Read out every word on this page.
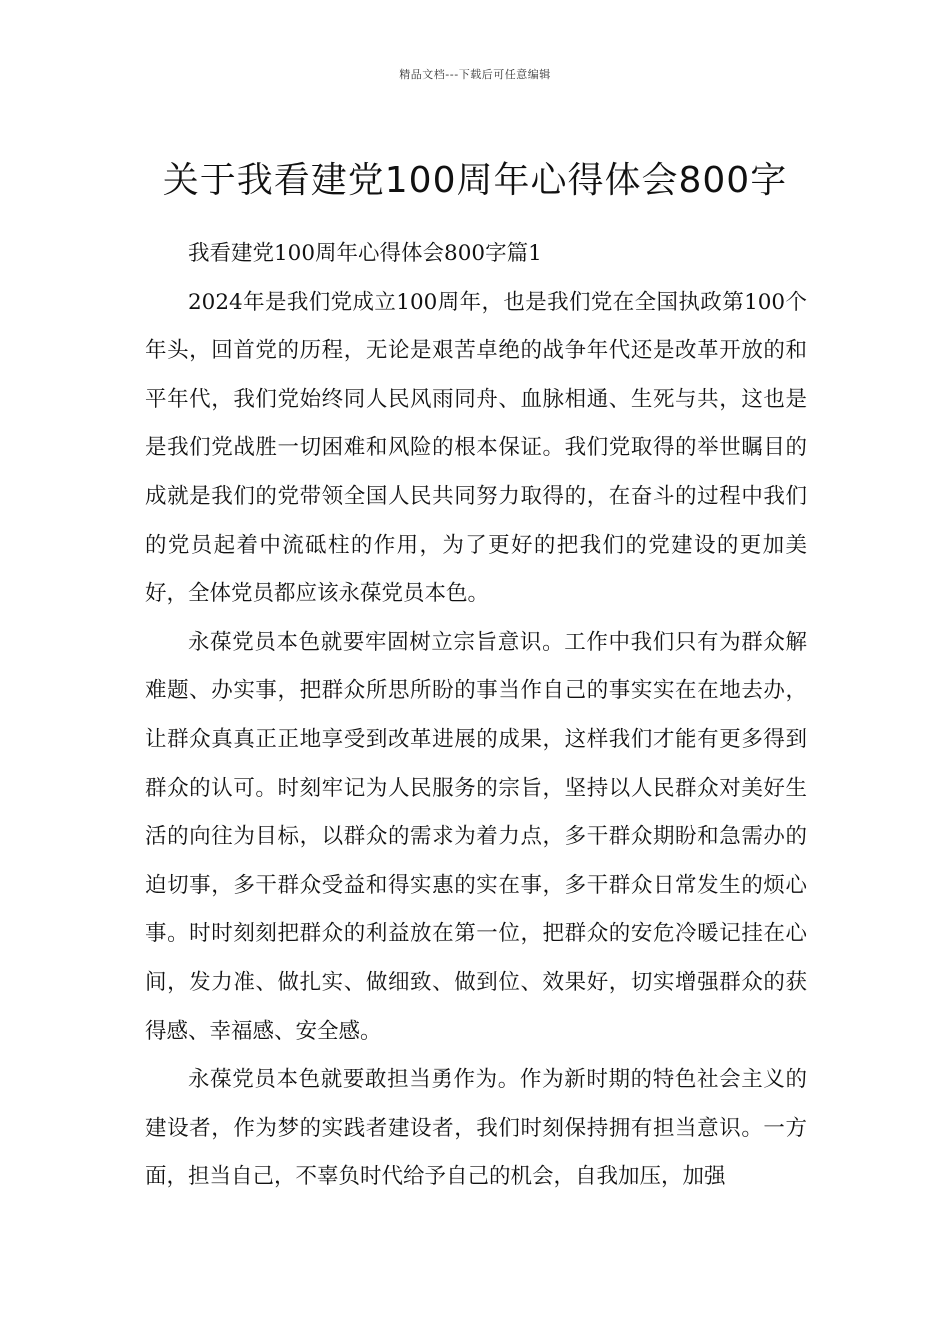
精品文档---下载后可任意编辑
关于我看建党100周年心得体会800字

我看建党100周年心得体会800字篇1

2024年是我们党成立100周年，也是我们党在全国执政第100个年头，回首党的历程，无论是艰苦卓绝的战争年代还是改革开放的和平年代，我们党始终同人民风雨同舟、血脉相通、生死与共，这也是是我们党战胜一切困难和风险的根本保证。我们党取得的举世瞩目的成就是我们的党带领全国人民共同努力取得的，在奋斗的过程中我们的党员起着中流砥柱的作用，为了更好的把我们的党建设的更加美好，全体党员都应该永葆党员本色。

永葆党员本色就要牢固树立宗旨意识。工作中我们只有为群众解难题、办实事，把群众所思所盼的事当作自己的事实实在在地去办，让群众真真正正地享受到改革进展的成果，这样我们才能有更多得到群众的认可。时刻牢记为人民服务的宗旨，坚持以人民群众对美好生活的向往为目标，以群众的需求为着力点，多干群众期盼和急需办的迫切事，多干群众受益和得实惠的实在事，多干群众日常发生的烦心事。时时刻刻把群众的利益放在第一位，把群众的安危冷暖记挂在心间，发力准、做扎实、做细致、做到位、效果好，切实增强群众的获得感、幸福感、安全感。

永葆党员本色就要敢担当勇作为。作为新时期的特色社会主义的建设者，作为梦的实践者建设者，我们时刻保持拥有担当意识。一方面，担当自己，不辜负时代给予自己的机会，自我加压，加强
